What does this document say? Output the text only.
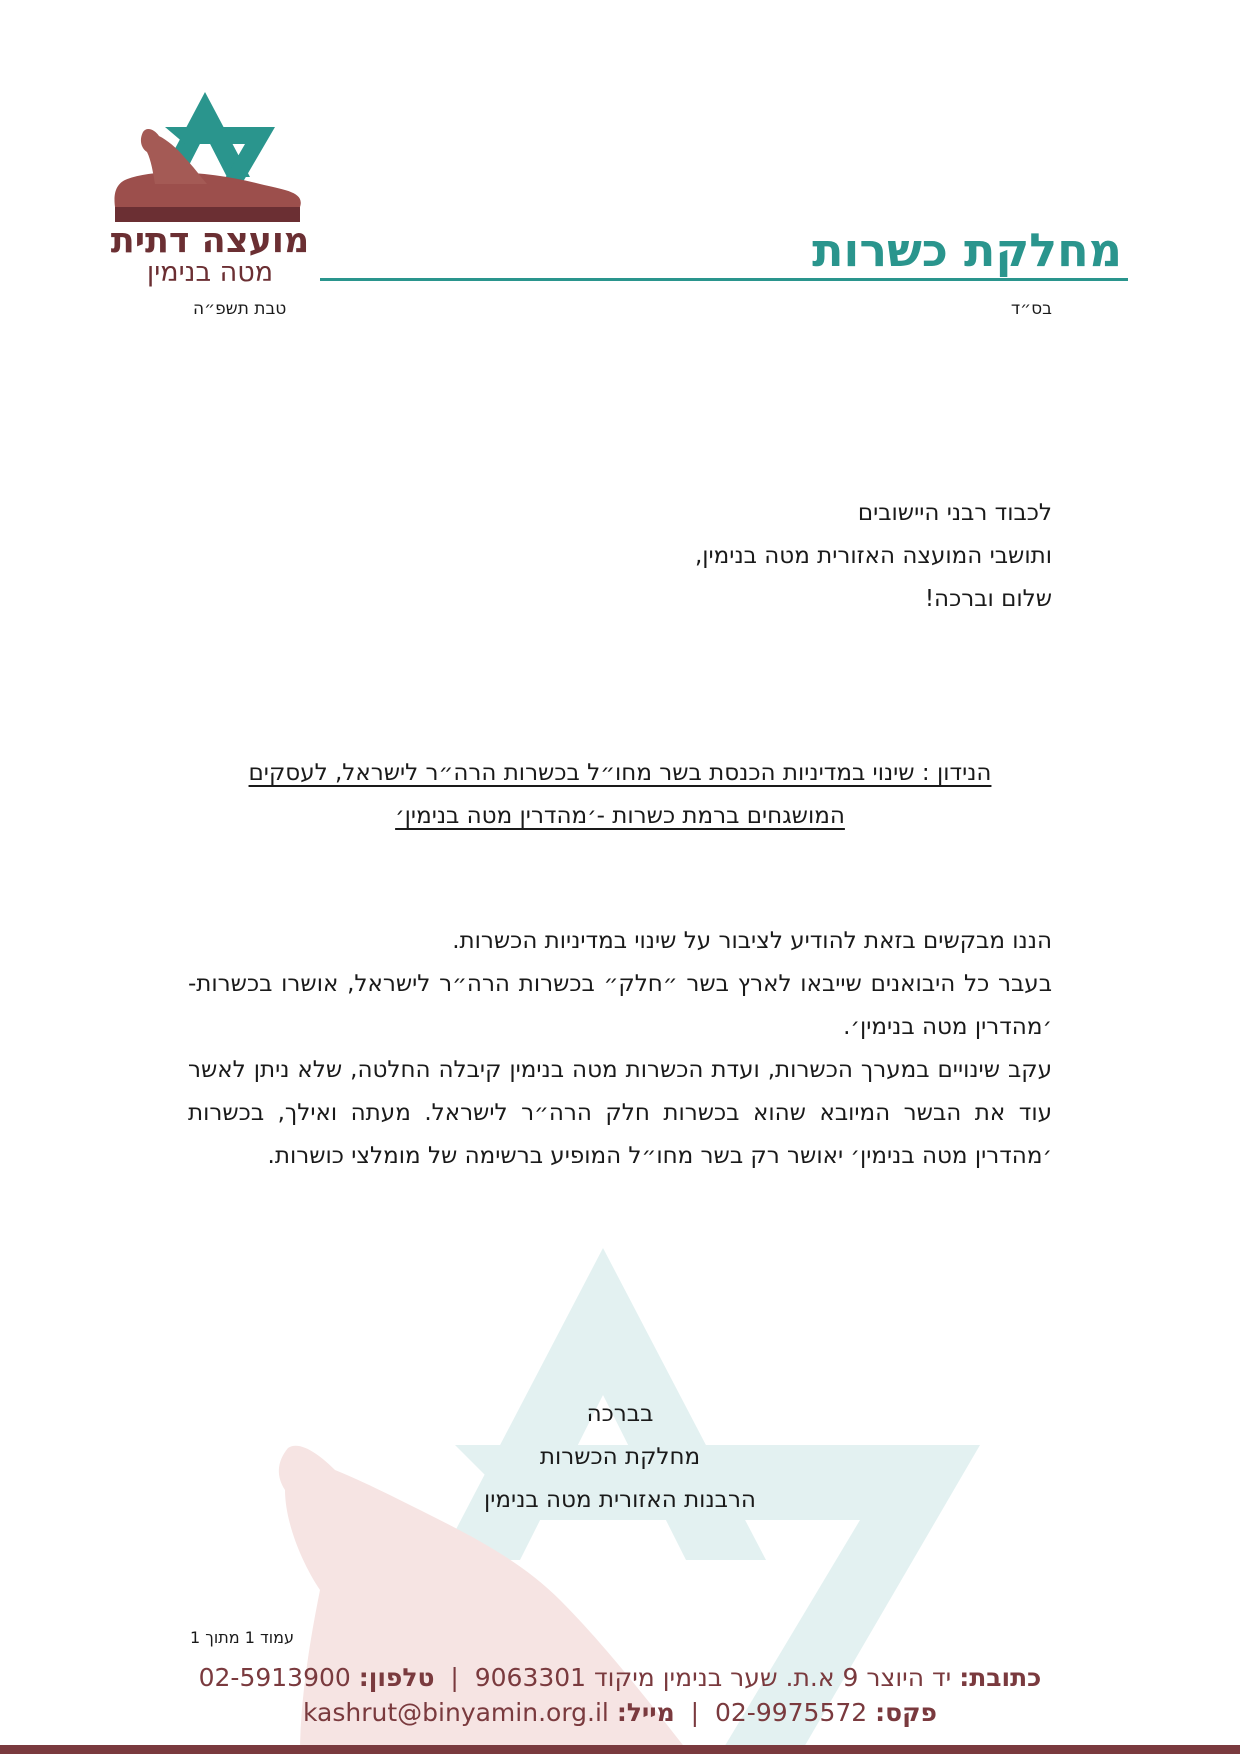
מועצה דתית
מטה בנימין	מחלקת כשרות
בס״ד
טבת תשפ״ה
לכבוד רבני היישובים
ותושבי המועצה האזורית מטה בנימין,
שלום וברכה!
הנידון : שינוי במדיניות הכנסת בשר מחו״ל בכשרות הרה״ר לישראל, לעסקים
המושגחים ברמת כשרות -׳מהדרין מטה בנימין׳

הננו מבקשים בזאת להודיע לציבור על שינוי במדיניות הכשרות.

בעבר כל היבואנים שייבאו לארץ בשר ״חלק״ בכשרות הרה״ר לישראל, אושרו בכשרות- ׳מהדרין מטה בנימין׳.

עקב שינויים במערך הכשרות, ועדת הכשרות מטה בנימין קיבלה החלטה, שלא ניתן לאשר עוד את הבשר המיובא שהוא בכשרות חלק הרה״ר לישראל. מעתה ואילך, בכשרות ׳מהדרין מטה בנימין׳ יאושר רק בשר מחו״ל המופיע ברשימה של מומלצי כושרות.

בברכה
מחלקת הכשרות
הרבנות האזורית מטה בנימין
עמוד 1 מתוך 1
כתובת: יד היוצר 9 א.ת. שער בנימין מיקוד 9063301  |  טלפון: 02-5913900
פקס: 02-9975572  |  מייל: kashrut@binyamin.org.il
